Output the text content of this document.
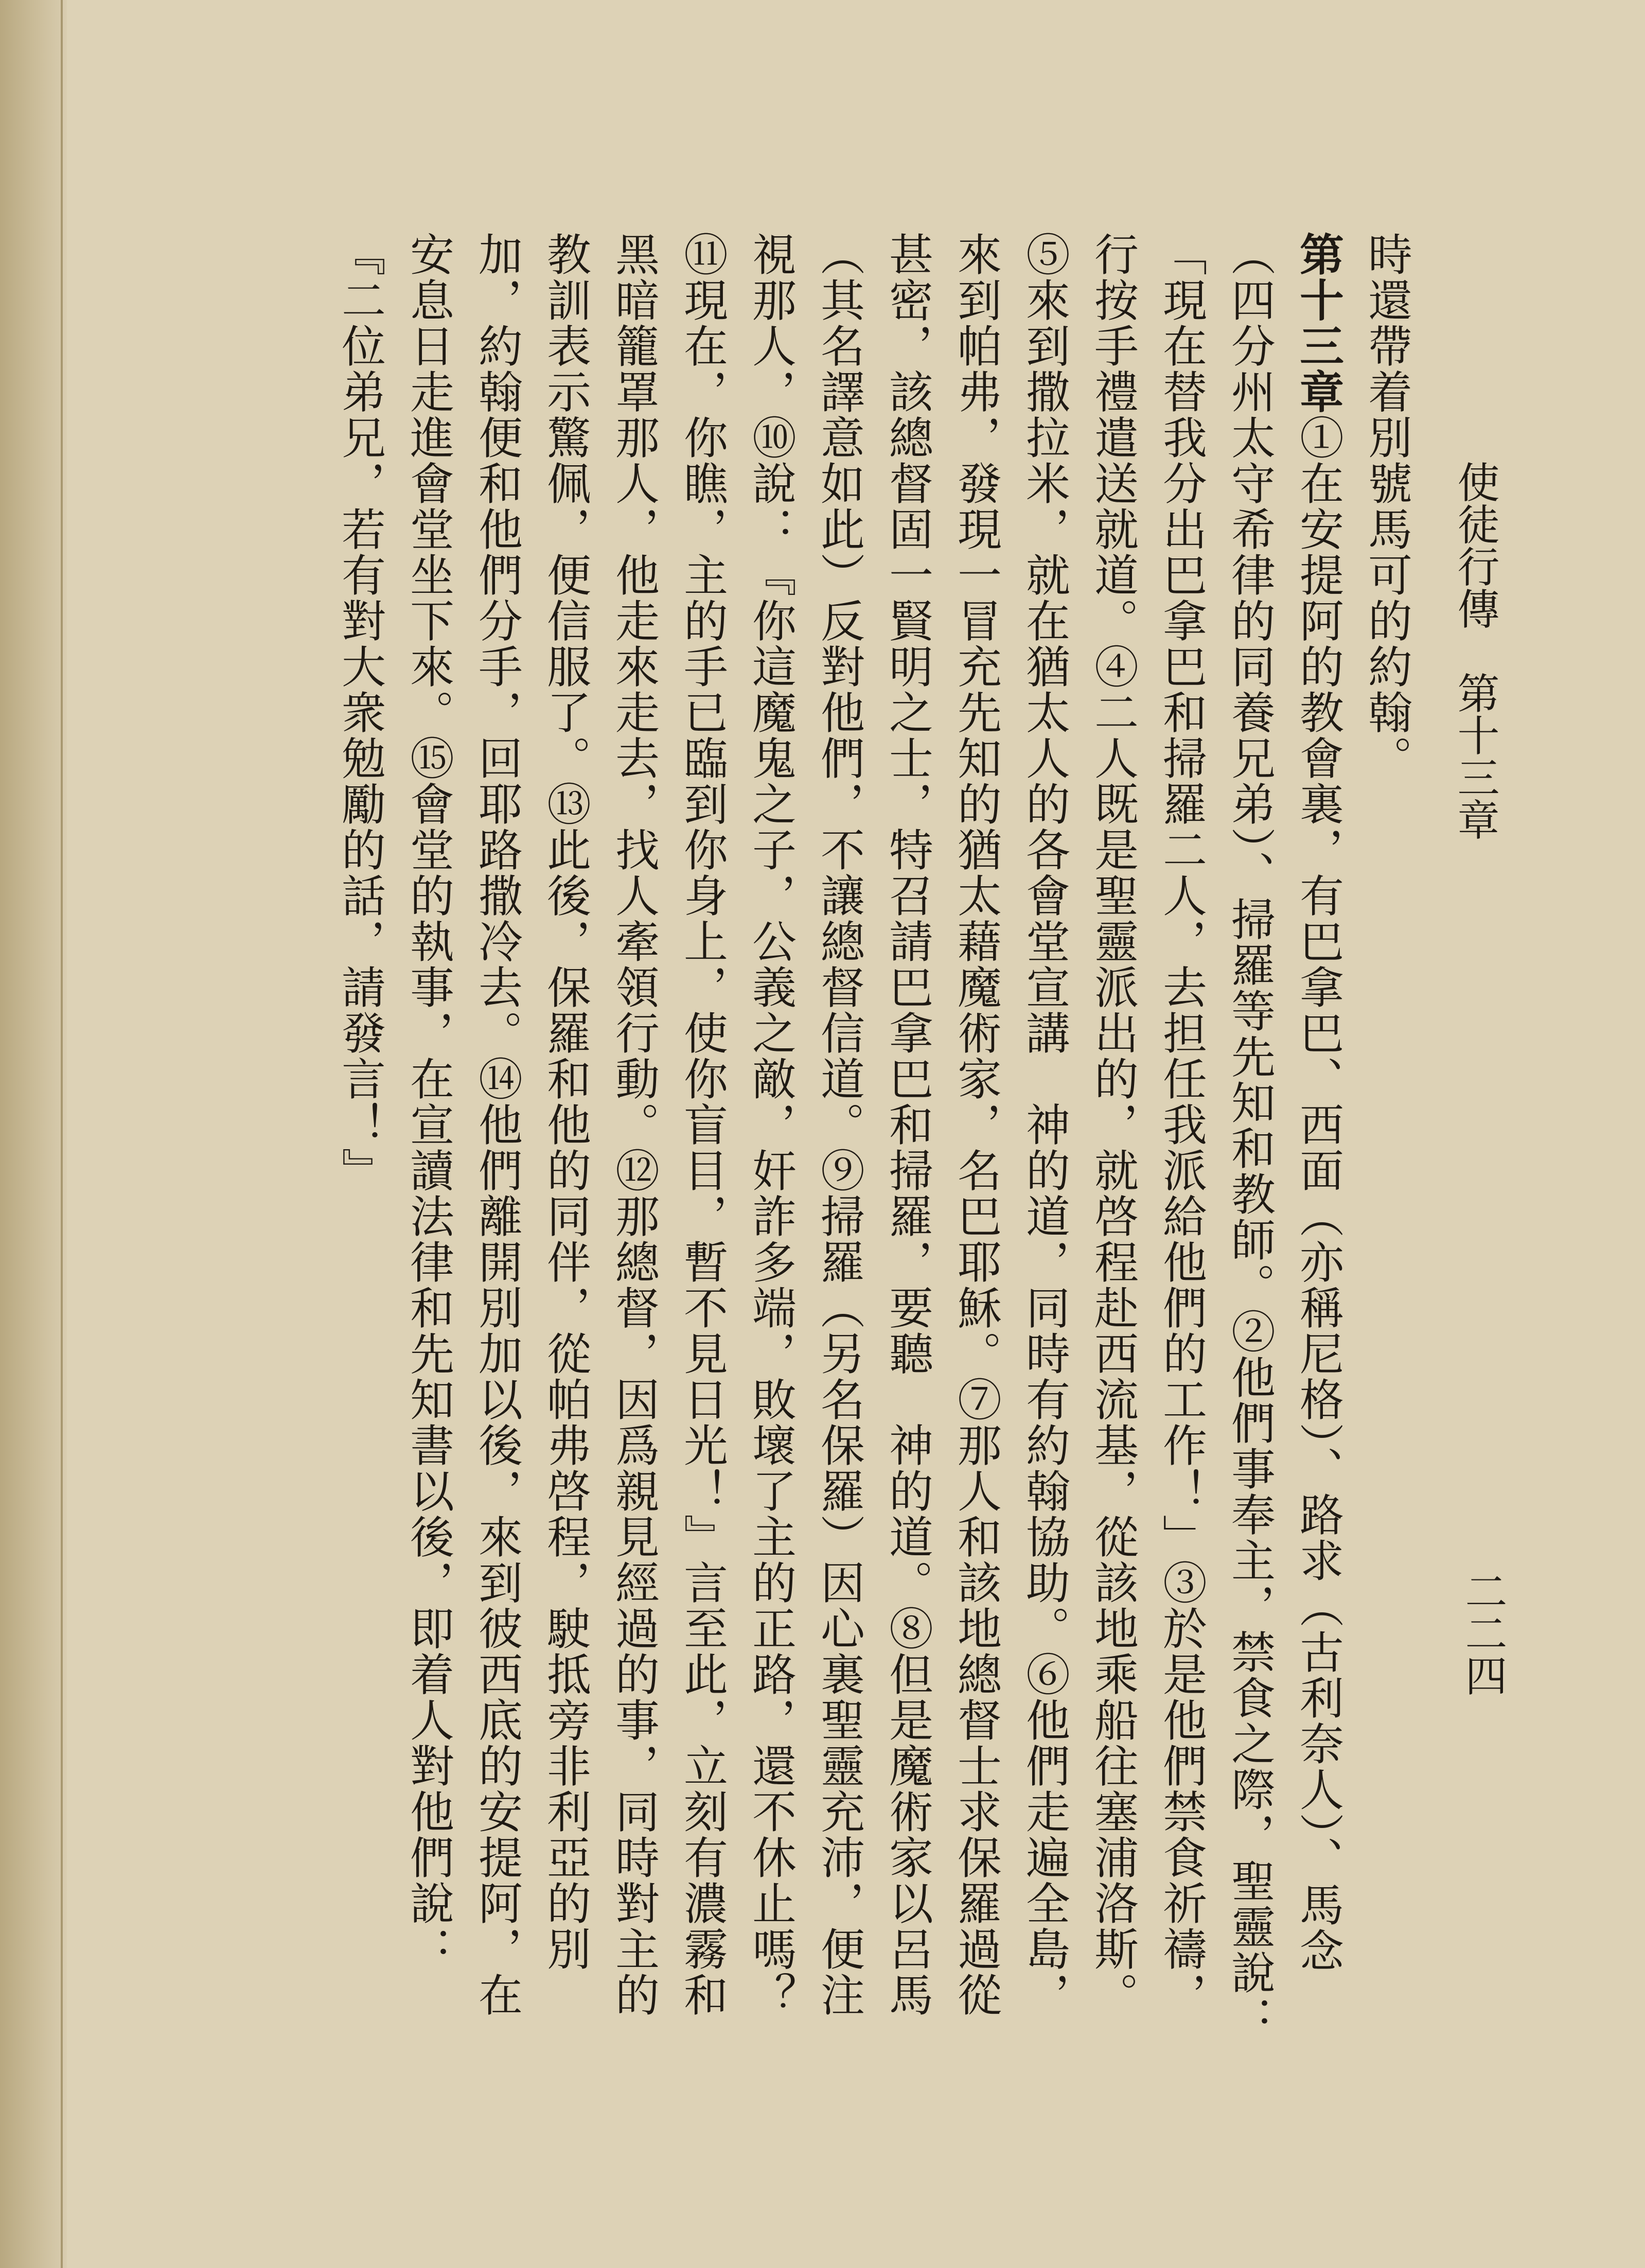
使徒行傳　第十三章
二二四
時還帶着別號馬可的約翰。
第十三章①在安提阿的教會裏，有巴拿巴、西面（亦稱尼格）、路求（古利奈人）、馬念（四分州太守希律的同養兄弟）、掃羅等先知和教師。②他們事奉主，禁食之際，聖靈說：「現在替我分出巴拿巴和掃羅二人，去担任我派給他們的工作！」③於是他們禁食祈禱，行按手禮遣送就道。④二人既是聖靈派出的，就啓程赴西流基，從該地乘船往塞浦洛斯。⑤來到撒拉米，就在猶太人的各會堂宣講　神的道，同時有約翰協助。⑥他們走遍全島，來到帕弗，發現一冒充先知的猶太藉魔術家，名巴耶穌。⑦那人和該地總督士求保羅過從甚密，該總督固一賢明之士，特召請巴拿巴和掃羅，要聽　神的道。⑧但是魔術家以呂馬（其名譯意如此）反對他們，不讓總督信道。⑨掃羅（另名保羅）因心裏聖靈充沛，便注視那人，⑩說：『你這魔鬼之子，公義之敵，奸詐多端，敗壞了主的正路，還不休止嗎？⑪現在，你瞧，主的手已臨到你身上，使你盲目，暫不見日光！』言至此，立刻有濃霧和黑暗籠罩那人，他走來走去，找人牽領行動。⑫那總督，因爲親見經過的事，同時對主的教訓表示驚佩，便信服了。⑬此後，保羅和他的同伴，從帕弗啓程，駛抵旁非利亞的別加，約翰便和他們分手，回耶路撒冷去。⑭他們離開別加以後，來到彼西底的安提阿，在安息日走進會堂坐下來。⑮會堂的執事，在宣讀法律和先知書以後，即着人對他們說：『二位弟兄，若有對大衆勉勵的話，請發言！』
